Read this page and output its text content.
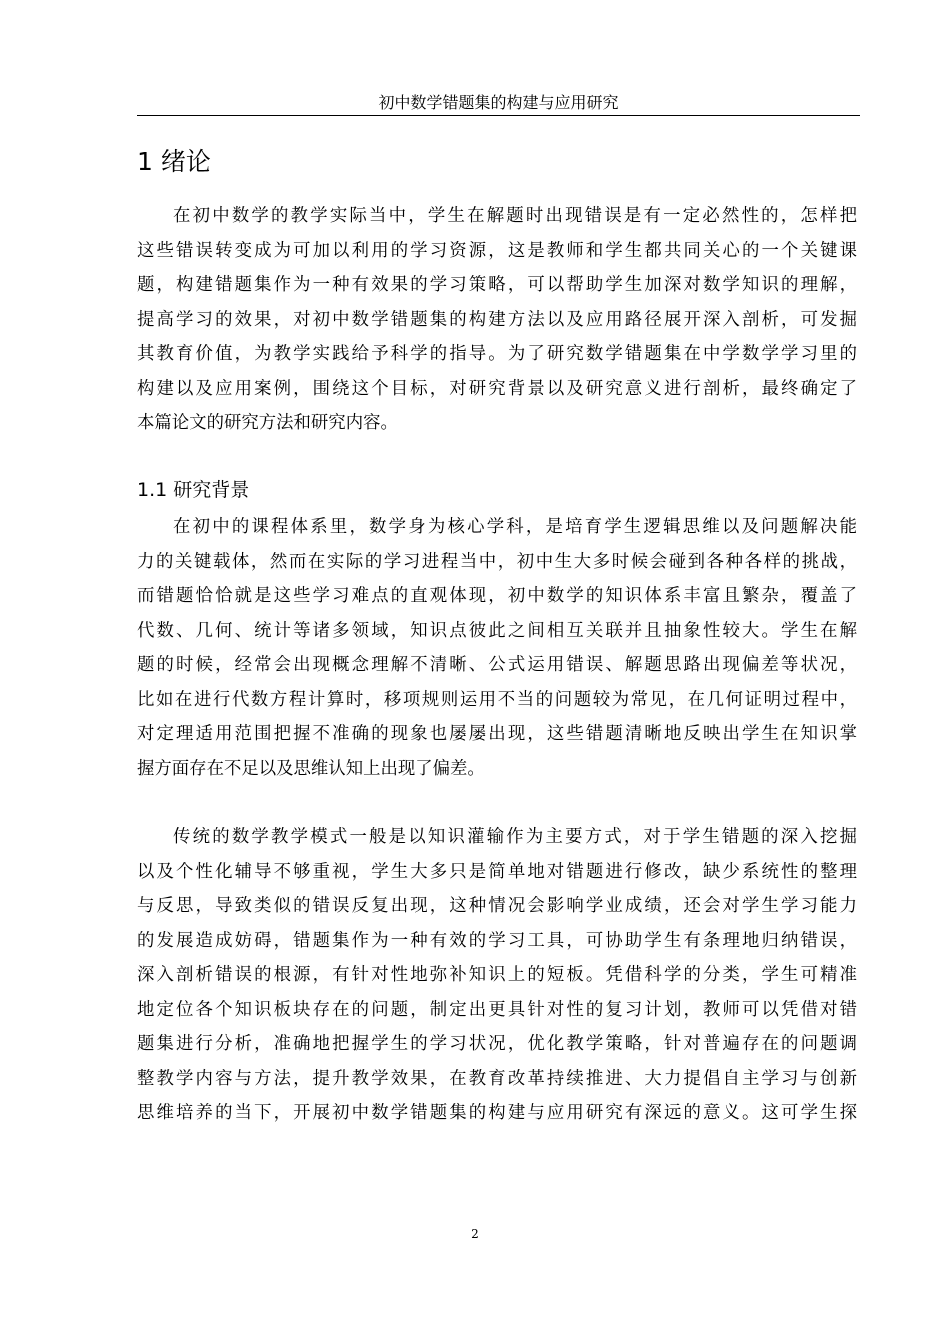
初中数学错题集的构建与应用研究
1 绪论
在初中数学的教学实际当中，学生在解题时出现错误是有一定必然性的，怎样把
这些错误转变成为可加以利用的学习资源，这是教师和学生都共同关心的一个关键课
题，构建错题集作为一种有效果的学习策略，可以帮助学生加深对数学知识的理解，
提高学习的效果，对初中数学错题集的构建方法以及应用路径展开深入剖析，可发掘
其教育价值，为教学实践给予科学的指导。为了研究数学错题集在中学数学学习里的
构建以及应用案例，围绕这个目标，对研究背景以及研究意义进行剖析，最终确定了
本篇论文的研究方法和研究内容。
1.1 研究背景
在初中的课程体系里，数学身为核心学科，是培育学生逻辑思维以及问题解决能
力的关键载体，然而在实际的学习进程当中，初中生大多时候会碰到各种各样的挑战，
而错题恰恰就是这些学习难点的直观体现，初中数学的知识体系丰富且繁杂，覆盖了
代数、几何、统计等诸多领域，知识点彼此之间相互关联并且抽象性较大。学生在解
题的时候，经常会出现概念理解不清晰、公式运用错误、解题思路出现偏差等状况，
比如在进行代数方程计算时，移项规则运用不当的问题较为常见，在几何证明过程中，
对定理适用范围把握不准确的现象也屡屡出现，这些错题清晰地反映出学生在知识掌
握方面存在不足以及思维认知上出现了偏差。
传统的数学教学模式一般是以知识灌输作为主要方式，对于学生错题的深入挖掘
以及个性化辅导不够重视，学生大多只是简单地对错题进行修改，缺少系统性的整理
与反思，导致类似的错误反复出现，这种情况会影响学业成绩，还会对学生学习能力
的发展造成妨碍，错题集作为一种有效的学习工具，可协助学生有条理地归纳错误，
深入剖析错误的根源，有针对性地弥补知识上的短板。凭借科学的分类，学生可精准
地定位各个知识板块存在的问题，制定出更具针对性的复习计划，教师可以凭借对错
题集进行分析，准确地把握学生的学习状况，优化教学策略，针对普遍存在的问题调
整教学内容与方法，提升教学效果，在教育改革持续推进、大力提倡自主学习与创新
思维培养的当下，开展初中数学错题集的构建与应用研究有深远的意义。这可学生探
2
